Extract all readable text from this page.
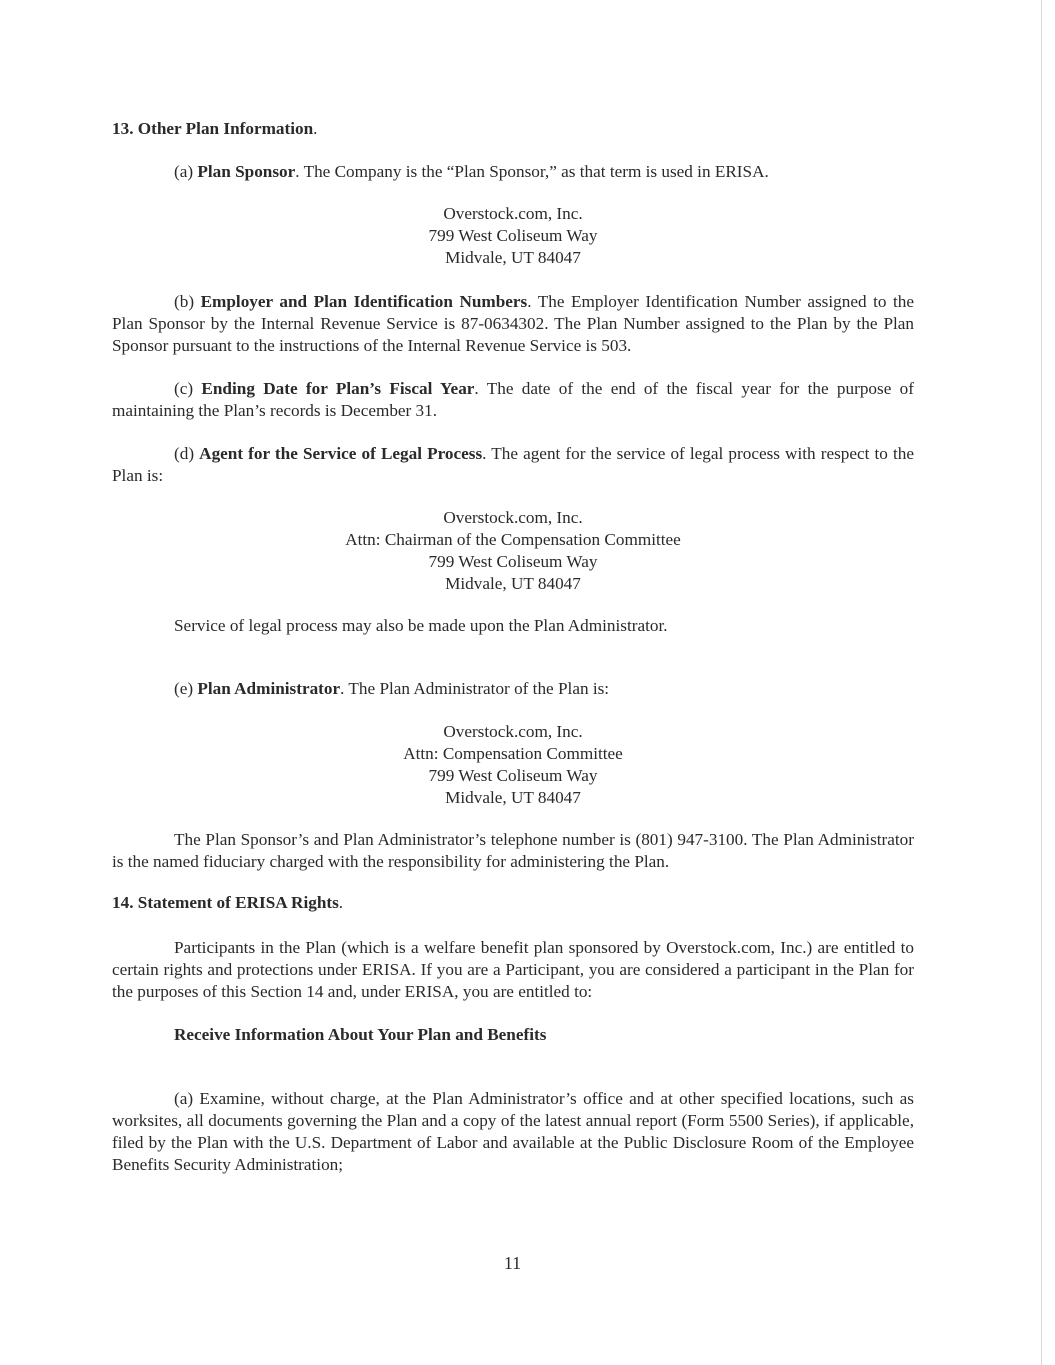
13. Other Plan Information.
(a) Plan Sponsor. The Company is the “Plan Sponsor,” as that term is used in ERISA.
Overstock.com, Inc.
799 West Coliseum Way
Midvale, UT 84047
(b) Employer and Plan Identification Numbers. The Employer Identification Number assigned to the Plan Sponsor by the Internal Revenue Service is 87-0634302. The Plan Number assigned to the Plan by the Plan Sponsor pursuant to the instructions of the Internal Revenue Service is 503.
(c) Ending Date for Plan’s Fiscal Year. The date of the end of the fiscal year for the purpose of maintaining the Plan’s records is December 31.
(d) Agent for the Service of Legal Process. The agent for the service of legal process with respect to the Plan is:
Overstock.com, Inc.
Attn: Chairman of the Compensation Committee
799 West Coliseum Way
Midvale, UT 84047
Service of legal process may also be made upon the Plan Administrator.
(e) Plan Administrator. The Plan Administrator of the Plan is:
Overstock.com, Inc.
Attn: Compensation Committee
799 West Coliseum Way
Midvale, UT 84047
The Plan Sponsor’s and Plan Administrator’s telephone number is (801) 947-3100. The Plan Administrator is the named fiduciary charged with the responsibility for administering the Plan.
14. Statement of ERISA Rights.
Participants in the Plan (which is a welfare benefit plan sponsored by Overstock.com, Inc.) are entitled to certain rights and protections under ERISA. If you are a Participant, you are considered a participant in the Plan for the purposes of this Section 14 and, under ERISA, you are entitled to:
Receive Information About Your Plan and Benefits
(a) Examine, without charge, at the Plan Administrator’s office and at other specified locations, such as worksites, all documents governing the Plan and a copy of the latest annual report (Form 5500 Series), if applicable, filed by the Plan with the U.S. Department of Labor and available at the Public Disclosure Room of the Employee Benefits Security Administration;
11
